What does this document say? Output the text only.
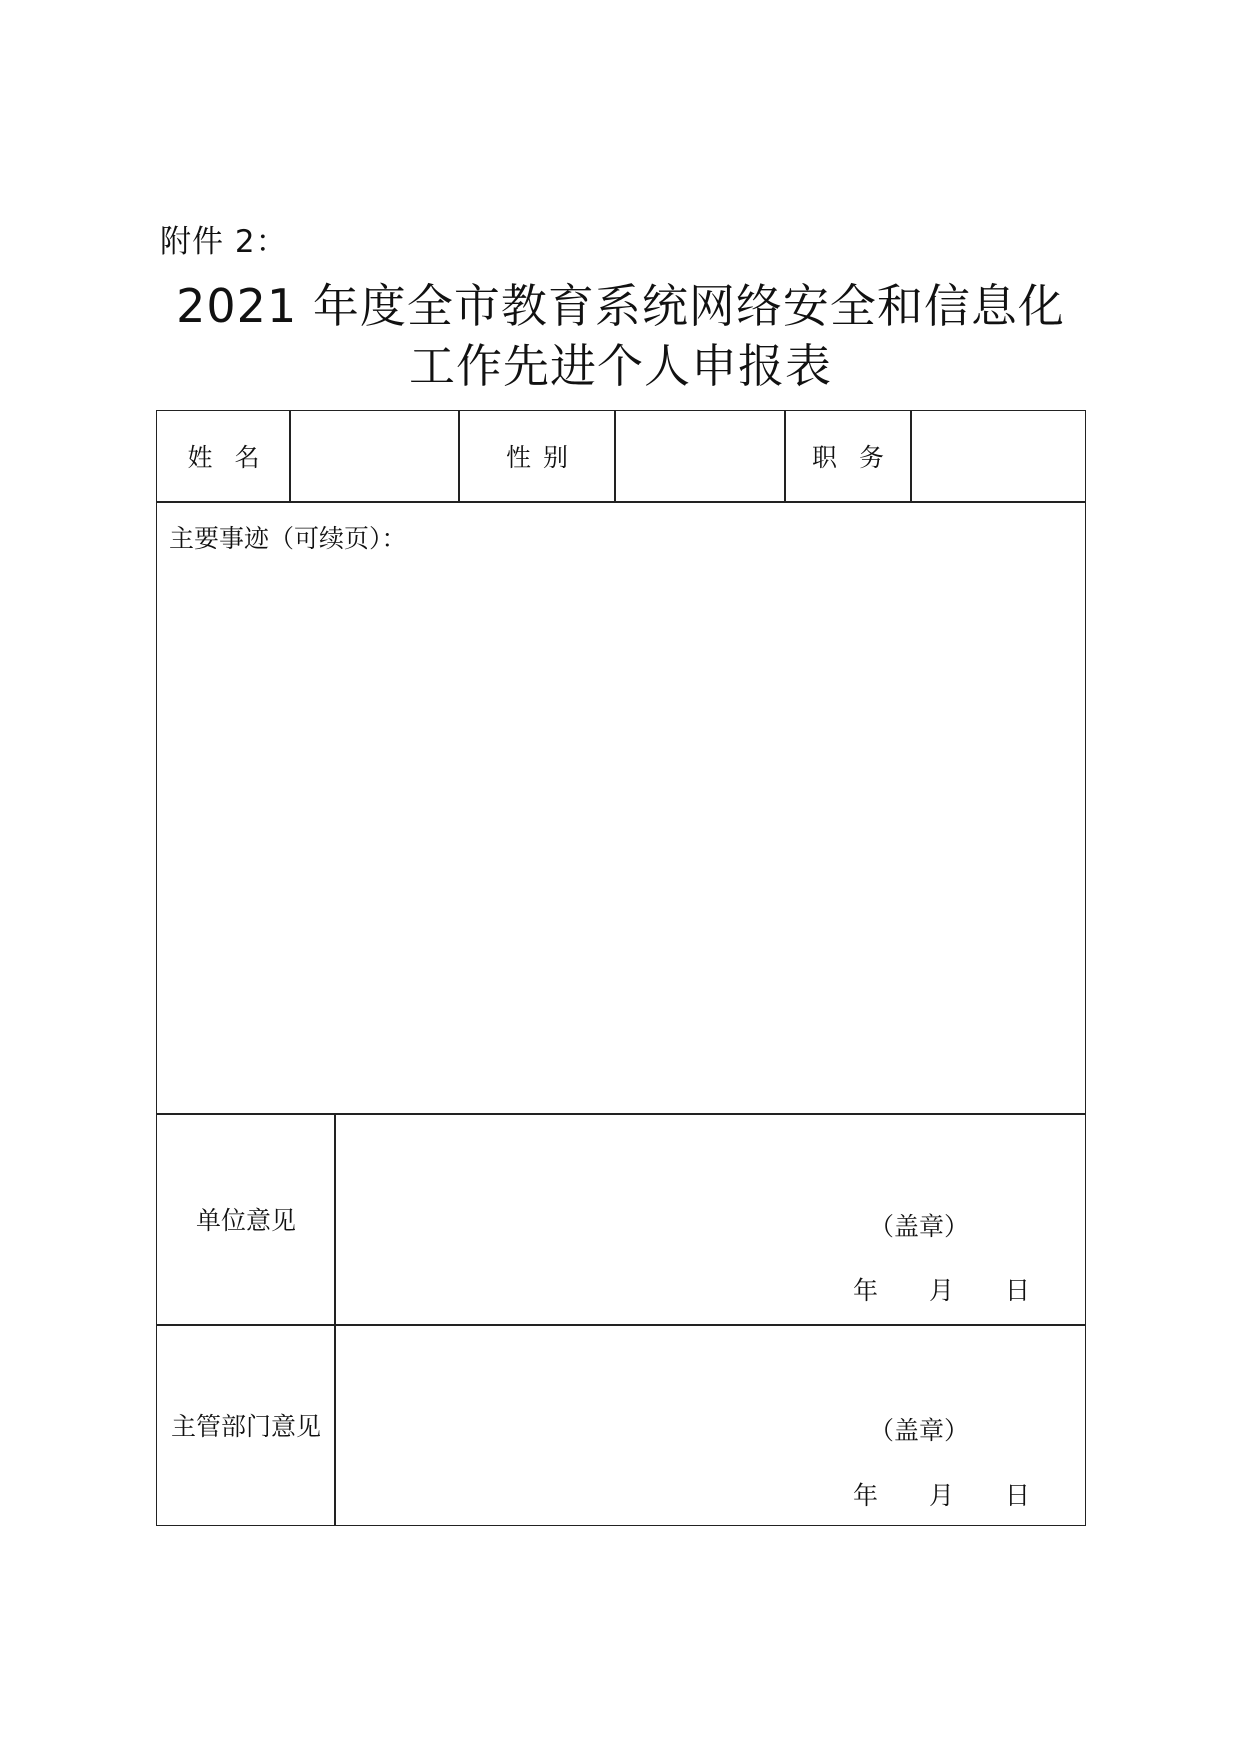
附件 2：
2021 年度全市教育系统网络安全和信息化
工作先进个人申报表
姓名	性别	职务
主要事迹（可续页）：
单位意见	（盖章）
年	月	日
主管部门意见	（盖章）
年	月	日
